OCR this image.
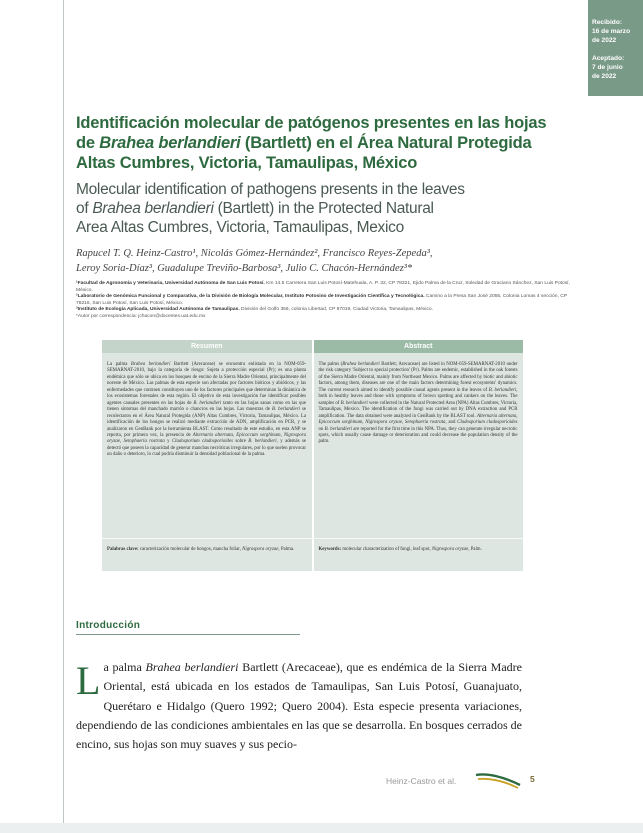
Recibido:
16 de marzo
de 2022
Aceptado:
7 de junio
de 2022
Identificación molecular de patógenos presentes en las hojas
de Brahea berlandieri (Bartlett) en el Área Natural Protegida
Altas Cumbres, Victoria, Tamaulipas, México
Molecular identification of pathogens presents in the leaves
of Brahea berlandieri (Bartlett) in the Protected Natural
Area Altas Cumbres, Victoria, Tamaulipas, Mexico
Rapucel T. Q. Heinz-Castro¹, Nicolás Gómez-Hernández², Francisco Reyes-Zepeda³,
Leroy Soria-Díaz³, Guadalupe Treviño-Barbosa³, Julio C. Chacón-Hernández³*
¹Facultad de Agronomía y Veterinaria, Universidad Autónoma de San Luis Potosí. Km 14.5 Carretera San Luis Potosí-Matehuala, A. P. 32, CP 78321, Ejido Palma de la Cruz, Soledad de Graciano Sánchez, San Luis Potosí, México.
²Laboratorio de Genómica Funcional y Comparativa, de la División de Biología Molecular, Instituto Potosino de Investigación Científica y Tecnológica. Camino a la Presa San José 2055, Colonia Lomas 4 sección, CP 78216, San Luis Potosí, San Luis Potosí, México.
³Instituto de Ecología Aplicada, Universidad Autónoma de Tamaulipas. División del Golfo 356, colonia Libertad, CP 87019, Ciudad Victoria, Tamaulipas, México.
*Autor por correspondencia: jchacon@docentes.uat.edu.mx
Resumen
La palma Brahea berlandieri Bartlett (Arecaceae) se encuentra enlistada en la NOM-059-SEMARNAT-2010, bajo la categoría de riesgo: Sujeta a protección especial (Pr); es una planta endémica que sólo se ubica en los bosques de encino de la Sierra Madre Oriental, principalmente del noreste de México. Las palmas de esta especie son afectadas por factores bióticos y abióticos, y las enfermedades que contraen constituyen uno de los factores principales que determinan la dinámica de los ecosistemas forestales de esta región. El objetivo de esta investigación fue identificar posibles agentes causales presentes en las hojas de B. berlandieri tanto en las hojas sanas como en las que tienen síntomas del manchado marrón o chancros en las hojas. Las muestras de B. berlandieri se recolectaron en el Área Natural Protegida (ANP) Altas Cumbres, Victoria, Tamaulipas, México. La identificación de los hongos se realizó mediante extracción de ADN, amplificación en PCR, y se analizaron en GenBank por la herramienta BLAST. Como resultado de este estudio, en esta ANP se reporta, por primera vez, la presencia de Alternaria alternata, Epicoccum sorghinum, Nigrospora oryzae, Setophaeria rostrata y Cladosporium cladosporioides sobre B. berlandieri, y además se detectó que poseen la capacidad de generar manchas necróticas irregulares, por lo que suelen provocar un daño o deterioro, lo cual podría disminuir la densidad poblacional de la palma.
Palabras clave: caracterización molecular de hongos, mancha foliar, Nigrospora oryzae, Palma.
Abstract
The palms (Brahea berlandieri Bartlett; Arecaceae) are listed in NOM-059-SEMARNAT-2010 under the risk category 'Subject to special protection' (Pr). Palms are endemic, established in the oak forests of the Sierra Madre Oriental, mainly from Northeast Mexico. Palms are affected by biotic and abiotic factors, among them, diseases are one of the main factors determining forest ecosystems' dynamics. The current research aimed to identify possible causal agents present in the leaves of B. berlandieri, both in healthy leaves and those with symptoms of brown spotting and cankers on the leaves. The samples of B. berlandieri were collected in the Natural Protected Area (NPA) Altas Cumbres, Victoria, Tamaulipas, Mexico. The identification of the fungi was carried out by DNA extraction and PCR amplification. The data obtained were analyzed in GenBank by the BLAST tool. Alternaria alternata, Epicoccum sorghinum, Nigrospora oryzae, Setophaeria rostrata, and Cladosporium cladosporioides on B. berlandieri are reported for the first time in this NPA. Thus, they can generate irregular necrotic spots, which usually cause damage or deterioration and could decrease the population density of the palm.
Keywords: molecular characterization of fungi, leaf spot, Nigrospora oryzae, Palm.
Introducción
La palma Brahea berlandieri Bartlett (Arecaceae), que es endémica de la Sierra Madre Oriental, está ubicada en los estados de Tamaulipas, San Luis Potosí, Guanajuato, Querétaro e Hidalgo (Quero 1992; Quero 2004). Esta especie presenta variaciones, dependiendo de las condiciones ambientales en las que se desarrolla. En bosques cerrados de encino, sus hojas son muy suaves y sus pecio-
Heinz-Castro et al.	5
